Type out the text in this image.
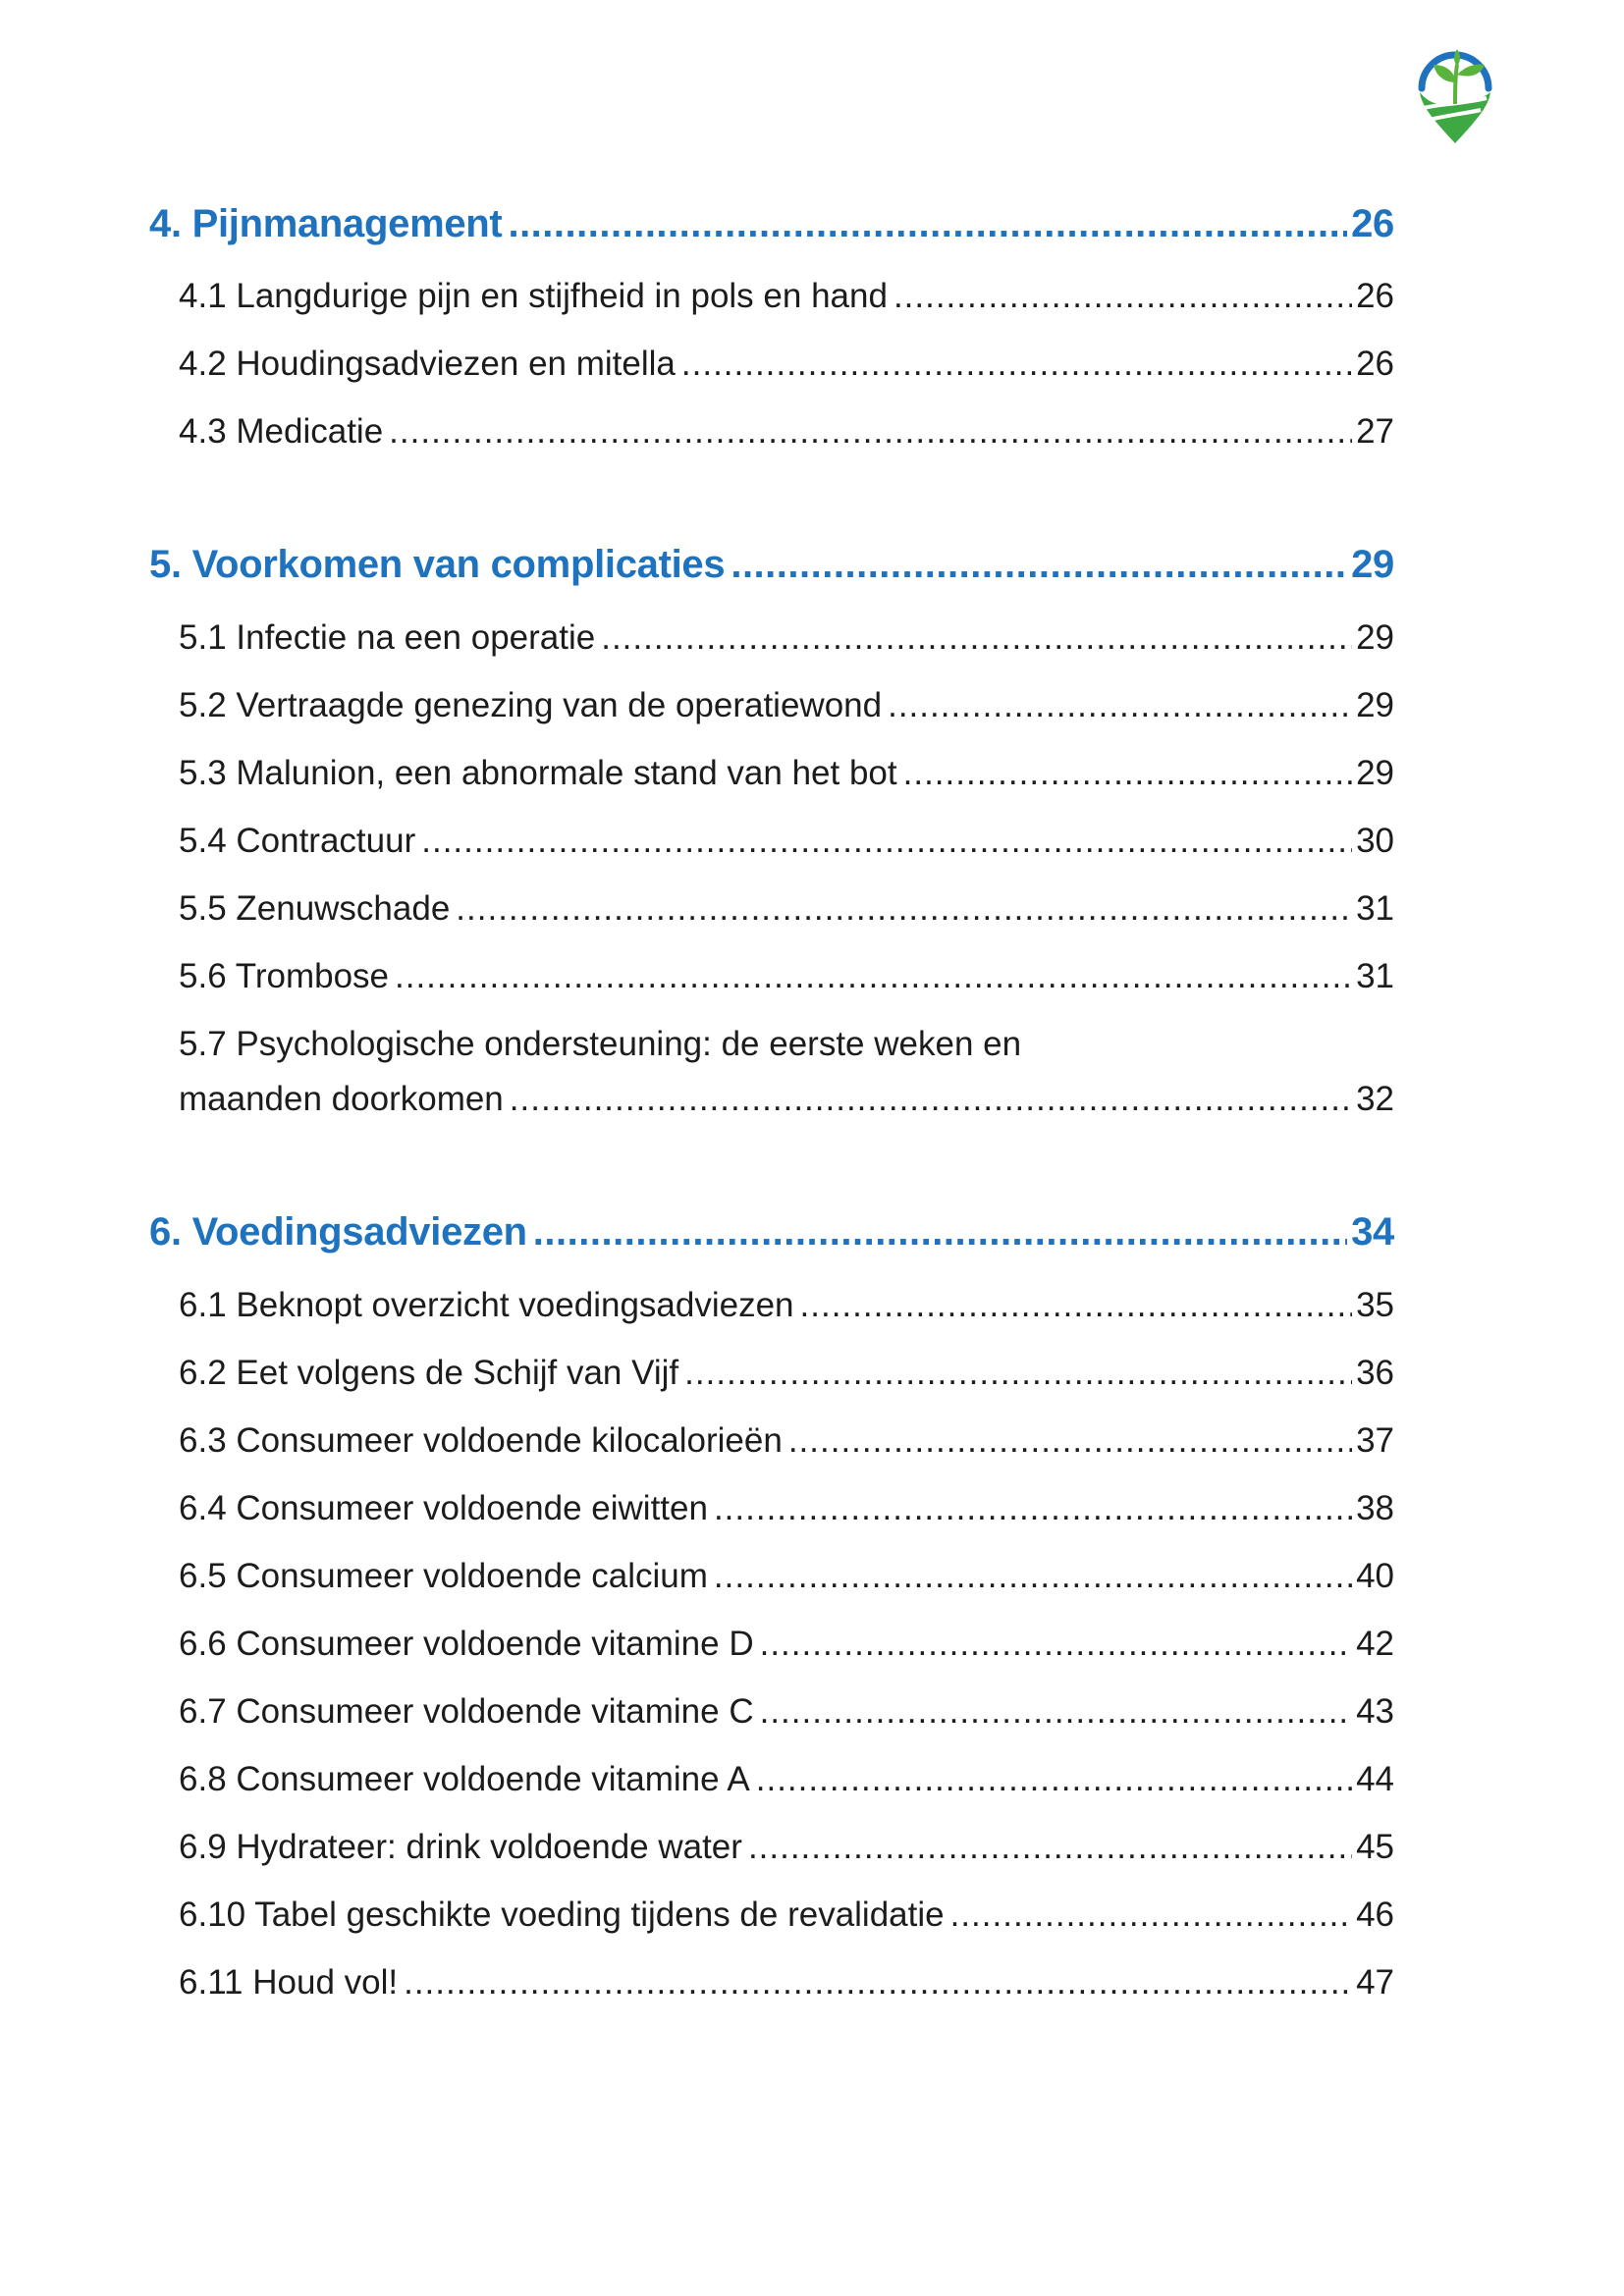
4. Pijnmanagement .....	26
4.1 Langdurige pijn en stijfheid in pols en hand .....	26
4.2 Houdingsadviezen en mitella .....	26
4.3 Medicatie .....	27
5. Voorkomen van complicaties .....	29
5.1 Infectie na een operatie .....	29
5.2 Vertraagde genezing van de operatiewond .....	29
5.3 Malunion, een abnormale stand van het bot .....	29
5.4 Contractuur .....	30
5.5 Zenuwschade .....	31
5.6 Trombose .....	31
5.7 Psychologische ondersteuning: de eerste weken en
maanden doorkomen .....	32
6. Voedingsadviezen .....	34
6.1 Beknopt overzicht voedingsadviezen .....	35
6.2 Eet volgens de Schijf van Vijf .....	36
6.3 Consumeer voldoende kilocalorieën .....	37
6.4 Consumeer voldoende eiwitten .....	38
6.5 Consumeer voldoende calcium .....	40
6.6 Consumeer voldoende vitamine D .....	42
6.7 Consumeer voldoende vitamine C .....	43
6.8 Consumeer voldoende vitamine A .....	44
6.9 Hydrateer: drink voldoende water .....	45
6.10 Tabel geschikte voeding tijdens de revalidatie .....	46
6.11 Houd vol! .....	47
